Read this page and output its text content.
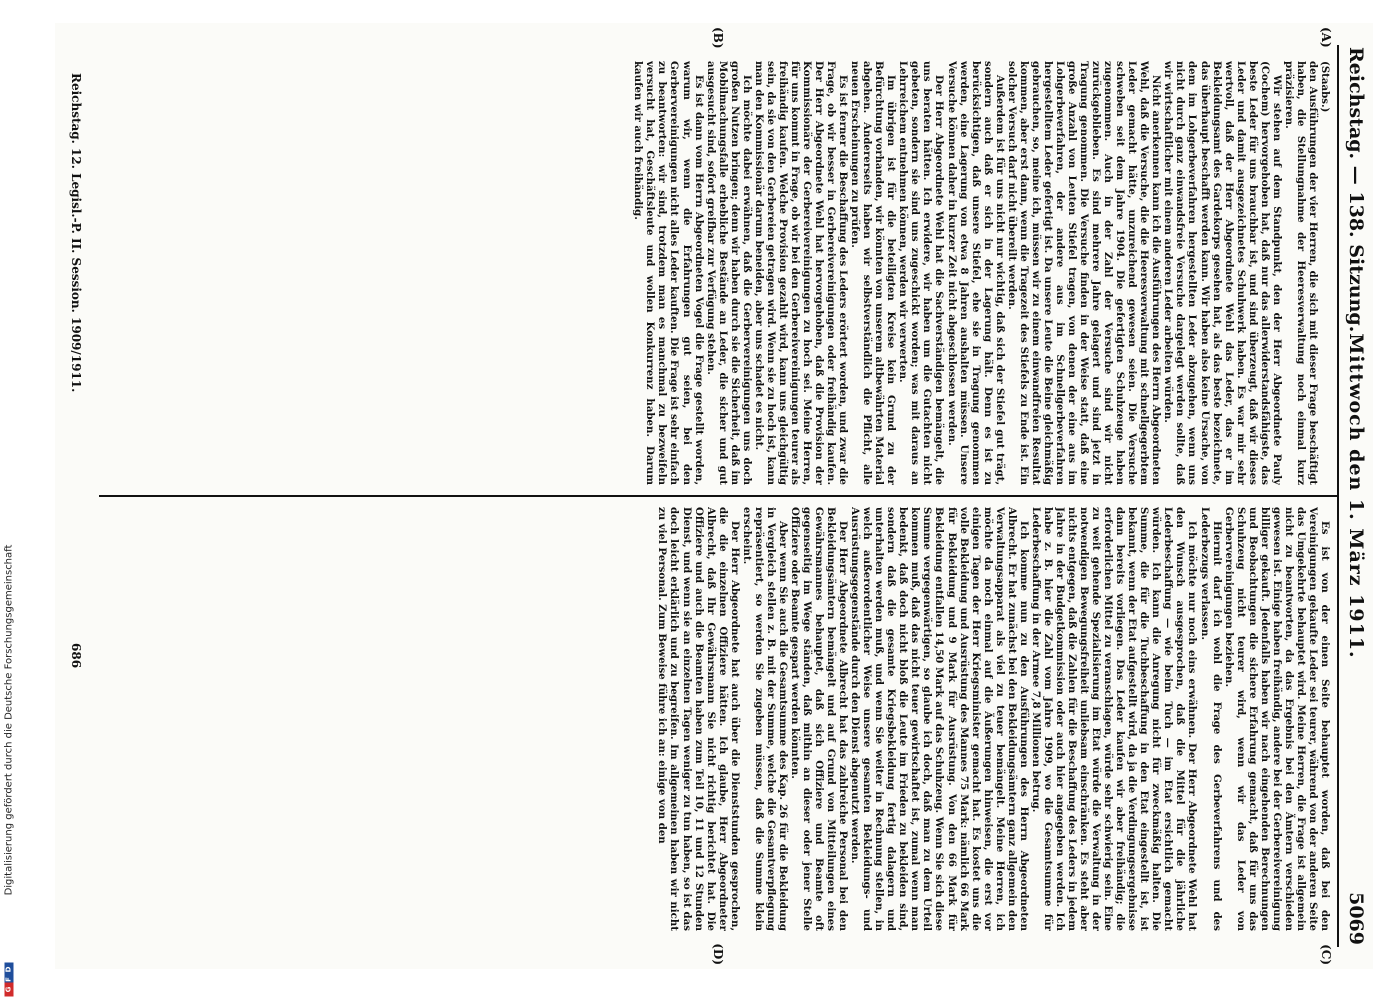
Digitalisierung gefördert durch die Deutsche Forschungsgemeinschaft
D
F
G
Reichstag. — 138. Sitzung.
Mittwoch den 1. März 1911.
5069
(A)
(B)
(C)
(D)

(Staabs.)

den Ausführungen der vier Herren, die sich mit dieser Frage beschäftigt haben, die Stellungnahme der Heeresverwaltung noch einmal kurz präzisieren.

Wir stehen auf dem Standpunkt, den der Herr Abgeordnete Pauly (Cochem) hervorgehoben hat, daß nur das allerwiderstandsfähigste, das beste Leder für uns brauchbar ist, und sind überzeugt, daß wir dieses Leder und damit ausgezeichnetes Schuhwerk haben. Es war mir sehr wertvoll, daß der Herr Abgeordnete Wehl das Leder, das er im Bekleidungsamt des Gardekorps gesehen hat, als das beste bezeichnete, das überhaupt beschafft werden kann. Wir haben also keine Ursache, von dem im Lohgerbeverfahren hergestellten Leder abzugehen, wenn uns nicht durch ganz einwandsfreie Versuche dargelegt werden sollte, daß wir wirtschaftlicher mit einem anderen Leder arbeiten würden.

Nicht anerkennen kann ich die Ausführungen des Herrn Abgeordneten Wehl, daß die Versuche, die die Heeresverwaltung mit schnellgegerbtem Leder gemacht hätte, unzureichend gewesen seien. Die Versuche schweben seit dem Jahre 1904. Die gefertigten Schuhzeuge haben zugenommen. Auch in der Zahl der Versuche sind wir nicht zurückgeblieben. Es sind mehrere Jahre gelagert und sind jetzt in Tragung genommen. Die Versuche finden in der Weise statt, daß eine große Anzahl von Leuten Stiefel tragen, von denen der eine aus im Lohgerbeverfahren, der andere aus im Schnellgerbeverfahren hergestelltem Leder gefertigt ist. Da unsere Leute die Beine gleichmäßig gebrauchen, so, meine ich, müssen wir zu einem einwandfreien Resultat kommen, aber erst dann, wenn die Tragezeit des Stiefels zu Ende ist. Ein solcher Versuch darf nicht übereilt werden.

Außerdem ist für uns nicht nur wichtig, daß sich der Stiefel gut trägt, sondern auch daß er sich in der Lagerung hält. Denn es ist zu berücksichtigen, daß unsere Stiefel, ehe sie in Tragung genommen werden, eine Lagerung von etwa 8 Jahren aushalten müssen. Unsere Versuche können daher in kurzer Zeit nicht abgeschlossen werden.

Der Herr Abgeordnete Wehl hat die Sachverständigen bemängelt, die uns beraten hätten. Ich erwidere, wir haben um die Gutachten nicht gebeten, sondern sie sind uns zugeschickt worden; was mit daraus an Lehrreichem entnehmen können, werden wir verwerten.

Im übrigen ist für die beteiligten Kreise kein Grund zu der Befürchtung vorhanden, wir könnten von unserem altbewährten Material abgehen. Andererseits haben wir selbstverständlich die Pflicht, alle neuen Erscheinungen zu prüfen.

Es ist ferner die Beschaffung des Leders erörtert worden, und zwar die Frage, ob wir besser in Gerbereivereinigungen oder freihändig kaufen. Der Herr Abgeordnete Wehl hat hervorgehoben, daß die Provision der Kommissionäre der Gerbereivereinigungen zu hoch sei. Meine Herren, für uns kommt in Frage, ob wir bei den Gerbereivereinigungen teurer als freihändig kaufen. Welche Provision gezahlt wird, kann uns gleichgültig sein, da sie von den Gerbereien getragen wird. Wenn sie zu hoch ist, kann man den Kommissionär darum beneiden, aber uns schadet es nicht.

Ich möchte dabei erwähnen, daß die Gerbervereinigungen uns doch großen Nutzen bringen; denn wir haben durch sie die Sicherheit, daß im Mobilmachungsfalle erhebliche Bestände an Leder, die sicher und gut ausgesucht sind, sofort greifbar zur Verfügung stehen.

Es ist dann vom Herrn Abgeordneten Vogel die Frage gestellt worden, warum wir, wenn die Erfahrungen gut seien, bei den Gerbervereinigungen nicht alles Leder kauften. Die Frage ist sehr einfach zu beantworten: wir sind, trotzdem man es manchmal zu bezweifeln versucht hat, Geschäftsleute und wollen Konkurrenz haben. Darum kaufen wir auch freihändig.

Es ist von der einen Seite behauptet worden, daß bei den Vereinigungen gekaufte Leder sei teurer, während von der anderen Seite das Umgekehrte behauptet wird. Meine Herren, die Frage ist allgemein nicht zu beantworten, da das Ergebnis bei den Ämtern verschieden gewesen ist. Einige haben freihändig, andere bei der Gerbereivereinigung billiger gekauft. Jedenfalls haben wir nach eingehenden Berechnungen und Beobachtungen die sichere Erfahrung gemacht, daß für uns das Schuhzeug nicht teurer wird, wenn wir das Leder von Gerbervereinigungen beziehen.

Hiermit darf ich wohl die Frage des Gerbeverfahrens und des Lederbezugs verlassen.

Ich möchte nur noch eins erwähnen. Der Herr Abgeordnete Wehl hat den Wunsch ausgesprochen, daß die Mittel für die jährliche Lederbeschaffung — wie beim Tuch — im Etat ersichtlich gemacht würden. Ich kann die Anregung nicht für zweckmäßig halten. Die Summe, die für die Tuchbeschaffung in den Etat eingestellt ist, ist bekannt, wenn der Etat aufgestellt wird, da ja die Verdingungsergebnisse dann bereits vorliegen. Das Leder kaufen wir aber freihändig; die erforderlichen Mittel zu veranschlagen, würde sehr schwierig sein. Eine zu weit gehende Spezialisierung im Etat würde die Verwaltung in der notwendigen Bewegungsfreiheit unliebsam einschränken. Es steht aber nichts entgegen, daß die Zahlen für die Beschaffung des Leders in jedem Jahre in der Budgetkommission oder auch hier angegeben werden. Ich habe z. B. hier die Zahl vom Jahre 1909, wo die Gesamtsumme für Lederbeschaffung in der Armee 7,8 Millionen betrug.

Ich komme nun zu den Ausführungen des Herrn Abgeordneten Albrecht. Er hat zunächst bei den Bekleidungsämtern ganz allgemein den Verwaltungsapparat als viel zu teuer bemängelt. Meine Herren, ich möchte da noch einmal auf die Äußerungen hinweisen, die erst vor einigen Tagen der Herr Kriegsminister gemacht hat. Es kostet uns die volle Bekleidung und Ausrüstung des Mannes 75 Mark: nämlich 66 Mark für Bekleidung und 9 Mark für Ausrüstung. Von den 66 Mark für Bekleidung entfallen 14,50 Mark auf das Schuhzeug. Wenn Sie sich diese Summe vergegenwärtigen, so glaube ich doch, daß man zu dem Urteil kommen muß, daß das nicht teuer gewirtschaftet ist, zumal wenn man bedenkt, daß doch nicht bloß die Leute im Frieden zu bekleiden sind, sondern daß die gesamte Kriegsbekleidung fertig dalagern und unterhalten werden muß, und wenn Sie weiter in Rechnung stellen, in welch außerordentlicher Weise unsere gesamten Bekleidungs- und Ausrüstungsgegenstände durch den Dienst abgenutzt werden.

Der Herr Abgeordnete Albrecht hat das zahlreiche Personal bei den Bekleidungsämtern bemängelt und auf Grund von Mitteilungen eines Gewährsmannes behauptet, daß sich Offiziere und Beamte oft gegenseitig im Wege ständen, daß mithin an dieser oder jener Stelle Offiziere oder Beamte gespart werden könnten.

Aber wenn Sie auch die Gesamtsumme des Kap. 26 für die Bekleidung in Vergleich stellen z. B. mit der Summe, welche die Gesamtverpflegung repräsentiert, so werden Sie zugeben müssen, daß die Summe klein erscheint.

Der Herr Abgeordnete hat auch über die Dienststunden gesprochen, die die einzelnen Offiziere hätten. Ich glaube, Herr Abgeordneter Albrecht, daß Ihr Gewährsmann Sie nicht richtig berichtet hat. Die Offiziere und auch die Beamten haben zum Teil 10, 11 und 12 Stunden Dienst, und wenn sie an einzelnen Tagen weniger zu tun haben, so ist das doch leicht erklärlich und zu begreifen. Im allgemeinen haben wir nicht zu viel Personal. Zum Beweise führe ich an: einige von den

Reichstag. 12. Legisl.-P. II. Session. 1909/1911.
686
